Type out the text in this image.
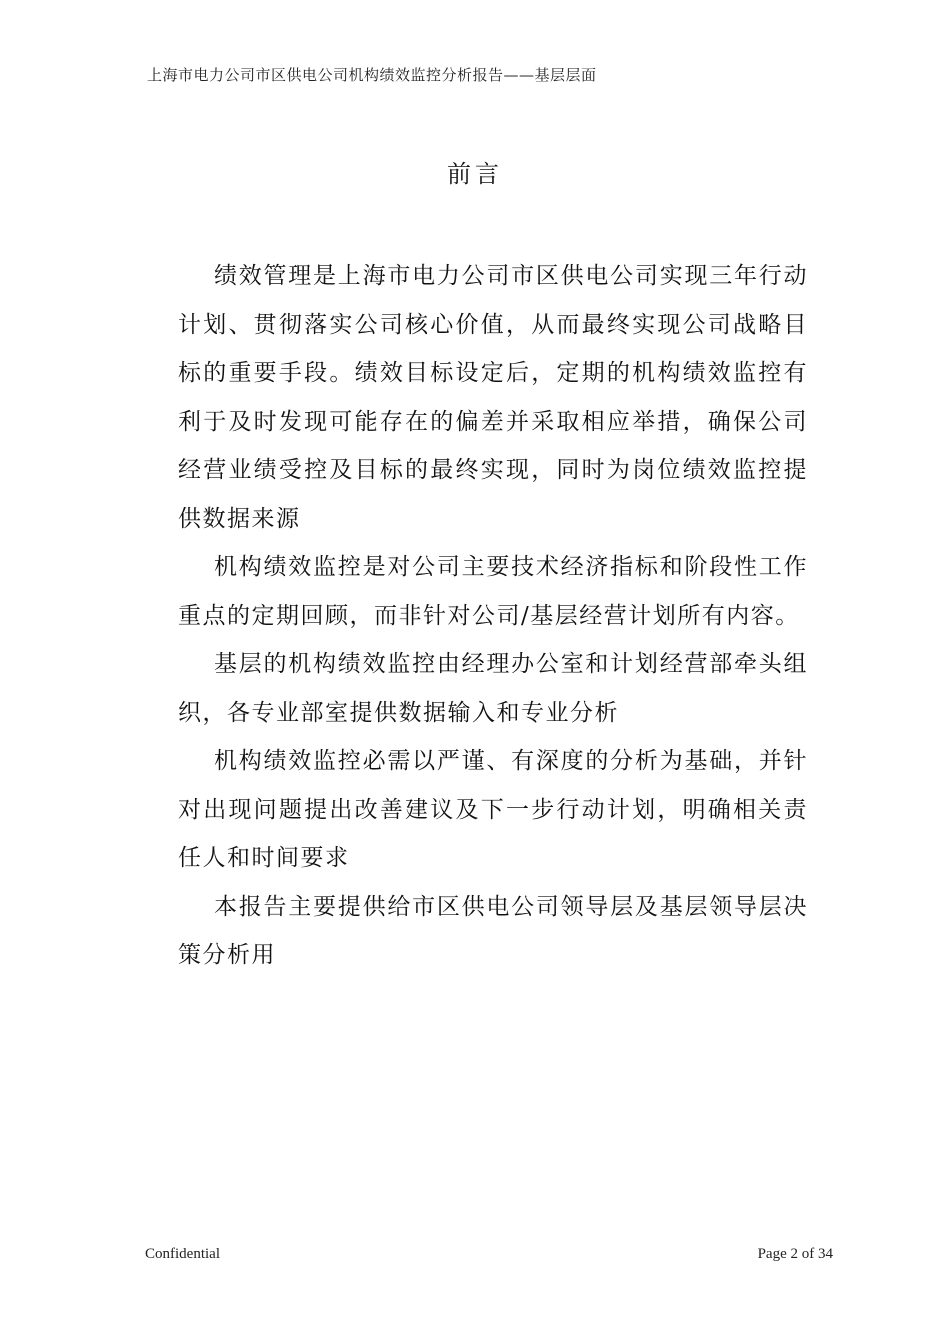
上海市电力公司市区供电公司机构绩效监控分析报告——基层层面
前言

绩效管理是上海市电力公司市区供电公司实现三年行动计划、贯彻落实公司核心价值，从而最终实现公司战略目标的重要手段。绩效目标设定后，定期的机构绩效监控有利于及时发现可能存在的偏差并采取相应举措，确保公司经营业绩受控及目标的最终实现，同时为岗位绩效监控提供数据来源

机构绩效监控是对公司主要技术经济指标和阶段性工作重点的定期回顾，而非针对公司/基层经营计划所有内容。

基层的机构绩效监控由经理办公室和计划经营部牵头组织，各专业部室提供数据输入和专业分析

机构绩效监控必需以严谨、有深度的分析为基础，并针对出现问题提出改善建议及下一步行动计划，明确相关责任人和时间要求

本报告主要提供给市区供电公司领导层及基层领导层决策分析用

Confidential	Page 2 of 34
